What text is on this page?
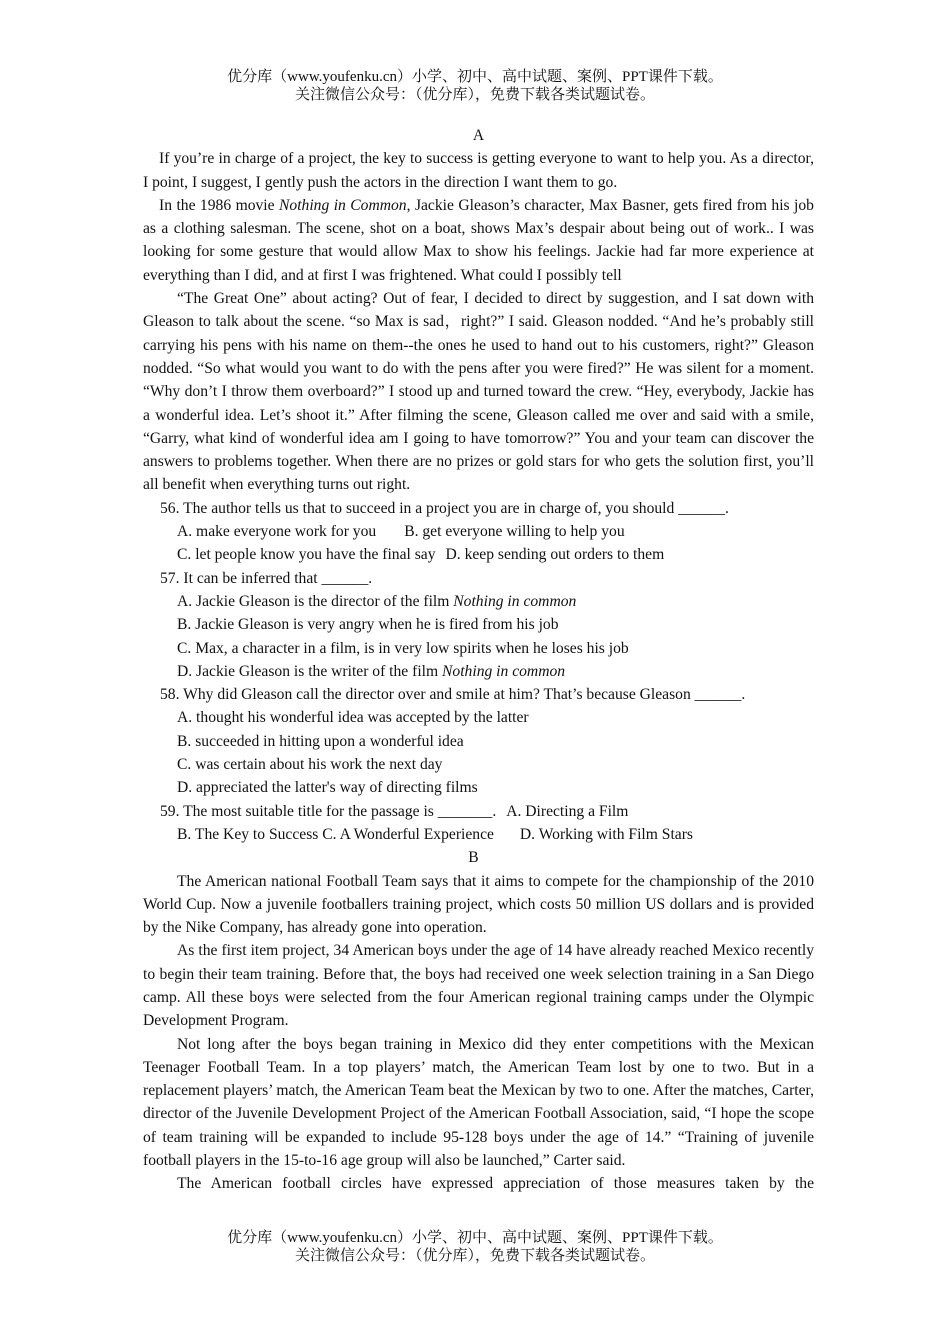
优分库（www.youfenku.cn）小学、初中、高中试题、案例、PPT课件下载。
关注微信公众号：（优分库），免费下载各类试题试卷。
A

If you’re in charge of a project, the key to success is getting everyone to want to help you. As a director, I point, I suggest, I gently push the actors in the direction I want them to go.

In the 1986 movie Nothing in Common, Jackie Gleason’s character, Max Basner, gets fired from his job as a clothing salesman. The scene, shot on a boat, shows Max’s despair about being out of work.. I was looking for some gesture that would allow Max to show his feelings. Jackie had far more experience at everything than I did, and at first I was frightened. What could I possibly tell

“The Great One” about acting? Out of fear, I decided to direct by suggestion, and I sat down with Gleason to talk about the scene. “so Max is sad，right?” I said. Gleason nodded. “And he’s probably still carrying his pens with his name on them--the ones he used to hand out to his customers, right?” Gleason nodded. “So what would you want to do with the pens after you were fired?” He was silent for a moment. “Why don’t I throw them overboard?” I stood up and turned toward the crew. “Hey, everybody, Jackie has a wonderful idea. Let’s shoot it.” After filming the scene, Gleason called me over and said with a smile, “Garry, what kind of wonderful idea am I going to have tomorrow?” You and your team can discover the answers to problems together. When there are no prizes or gold stars for who gets the solution first, you’ll all benefit when everything turns out right.

56. The author tells us that to succeed in a project you are in charge of, you should ______.

A. make everyone work for you B. get everyone willing to help you

C. let people know you have the final say D. keep sending out orders to them

57. It can be inferred that ______.

A. Jackie Gleason is the director of the film Nothing in common

B. Jackie Gleason is very angry when he is fired from his job

C. Max, a character in a film, is in very low spirits when he loses his job

D. Jackie Gleason is the writer of the film Nothing in common

58. Why did Gleason call the director over and smile at him? That’s because Gleason ______.

A. thought his wonderful idea was accepted by the latter

B. succeeded in hitting upon a wonderful idea

C. was certain about his work the next day

D. appreciated the latter's way of directing films

59. The most suitable title for the passage is _______. A. Directing a Film

B. The Key to Success C. A Wonderful Experience D. Working with Film Stars

B

The American national Football Team says that it aims to compete for the championship of the 2010 World Cup. Now a juvenile footballers training project, which costs 50 million US dollars and is provided by the Nike Company, has already gone into operation.

As the first item project, 34 American boys under the age of 14 have already reached Mexico recently to begin their team training. Before that, the boys had received one week selection training in a San Diego camp. All these boys were selected from the four American regional training camps under the Olympic Development Program.

Not long after the boys began training in Mexico did they enter competitions with the Mexican Teenager Football Team. In a top players’ match, the American Team lost by one to two. But in a replacement players’ match, the American Team beat the Mexican by two to one. After the matches, Carter, director of the Juvenile Development Project of the American Football Association, said, “I hope the scope of team training will be expanded to include 95-128 boys under the age of 14.” “Training of juvenile football players in the 15-to-16 age group will also be launched,” Carter said.

The American football circles have expressed appreciation of those measures taken by the

优分库（www.youfenku.cn）小学、初中、高中试题、案例、PPT课件下载。
关注微信公众号：（优分库），免费下载各类试题试卷。
